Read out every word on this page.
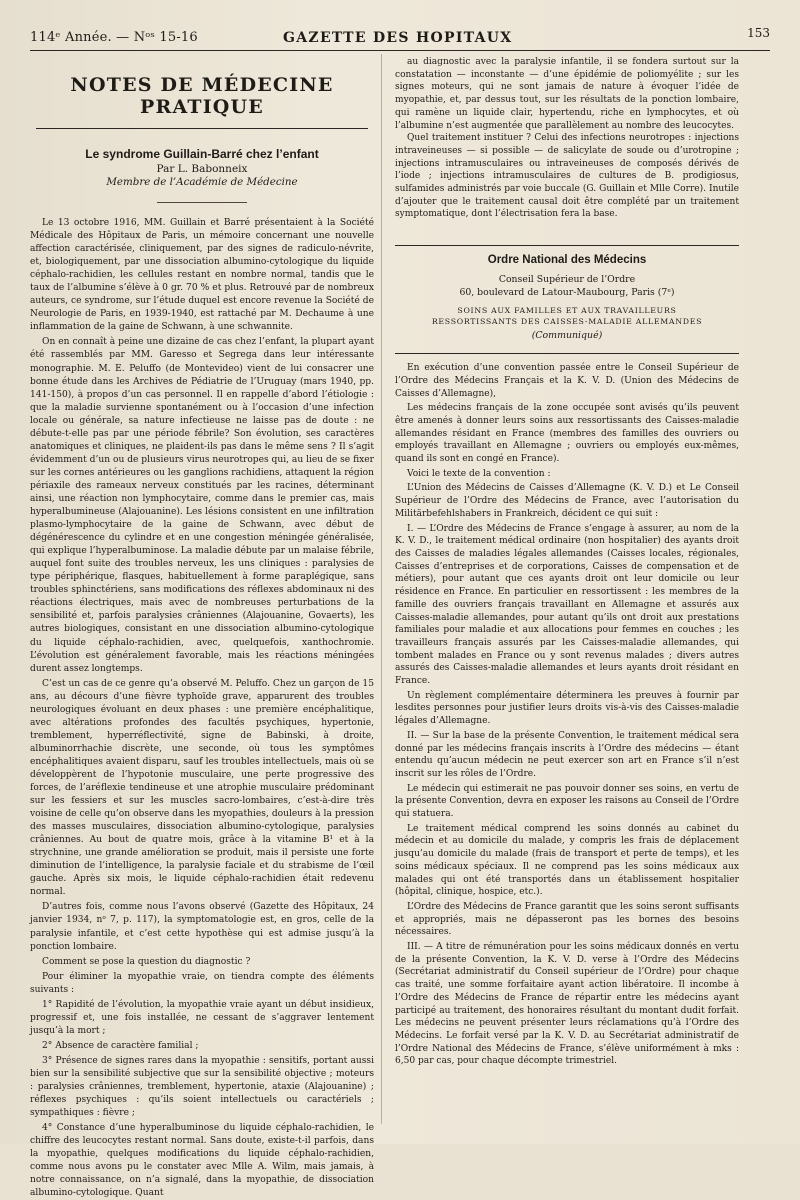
114ᵉ Année. — Nᵒˢ 15-16	GAZETTE DES HOPITAUX	153
NOTES DE MÉDECINE PRATIQUE
Le syndrome Guillain-Barré chez l’enfant
Par L. Babonneix
Membre de l’Académie de Médecine

Le 13 octobre 1916, MM. Guillain et Barré présentaient à la Société Médicale des Hôpitaux de Paris, un mémoire concernant une nouvelle affection caractérisée, cliniquement, par des signes de radiculo-névrite, et, biologiquement, par une dissociation albumino-cytologique du liquide céphalo-rachidien, les cellules restant en nombre normal, tandis que le taux de l’albumine s’élève à 0 gr. 70 % et plus. Retrouvé par de nombreux auteurs, ce syndrome, sur l’étude duquel est encore revenue la Société de Neurologie de Paris, en 1939-1940, est rattaché par M. Dechaume à une inflammation de la gaine de Schwann, à une schwannite.

On en connaît à peine une dizaine de cas chez l’enfant, la plupart ayant été rassemblés par MM. Garesso et Segrega dans leur intéressante monographie. M. E. Peluffo (de Montevideo) vient de lui consacrer une bonne étude dans les Archives de Pédiatrie de l’Uruguay (mars 1940, pp. 141-150), à propos d’un cas personnel. Il en rappelle d’abord l’étiologie : que la maladie survienne spontanément ou à l’occasion d’une infection locale ou générale, sa nature infectieuse ne laisse pas de doute : ne débute-t-elle pas par une période fébrile? Son évolution, ses caractères anatomiques et cliniques, ne plaident-ils pas dans le même sens ? Il s’agit évidemment d’un ou de plusieurs virus neurotropes qui, au lieu de se fixer sur les cornes antérieures ou les ganglions rachidiens, attaquent la région périaxile des rameaux nerveux constitués par les racines, déterminant ainsi, une réaction non lymphocytaire, comme dans le premier cas, mais hyperalbumineuse (Alajouanine). Les lésions consistent en une infiltration plasmo-lymphocytaire de la gaine de Schwann, avec début de dégénérescence du cylindre et en une congestion méningée généralisée, qui explique l’hyperalbuminose. La maladie débute par un malaise fébrile, auquel font suite des troubles nerveux, les uns cliniques : paralysies de type périphérique, flasques, habituellement à forme paraplégique, sans troubles sphinctériens, sans modifications des réflexes abdominaux ni des réactions électriques, mais avec de nombreuses perturbations de la sensibilité et, parfois paralysies crâniennes (Alajouanine, Govaerts), les autres biologiques, consistant en une dissociation albumino-cytologique du liquide céphalo-rachidien, avec, quelquefois, xanthochromie. L’évolution est généralement favorable, mais les réactions méningées durent assez longtemps.

C’est un cas de ce genre qu’a observé M. Peluffo. Chez un garçon de 15 ans, au décours d’une fièvre typhoïde grave, apparurent des troubles neurologiques évoluant en deux phases : une première encéphalitique, avec altérations profondes des facultés psychiques, hypertonie, tremblement, hyperréflectivité, signe de Babinski, à droite, albuminorrhachie discrète, une seconde, où tous les symptômes encéphalitiques avaient disparu, sauf les troubles intellectuels, mais où se développèrent de l’hypotonie musculaire, une perte progressive des forces, de l’aréflexie tendineuse et une atrophie musculaire prédominant sur les fessiers et sur les muscles sacro-lombaires, c’est-à-dire très voisine de celle qu’on observe dans les myopathies, douleurs à la pression des masses musculaires, dissociation albumino-cytologique, paralysies crâniennes. Au bout de quatre mois, grâce à la vitamine B¹ et à la strychnine, une grande amélioration se produit, mais il persiste une forte diminution de l’intelligence, la paralysie faciale et du strabisme de l’œil gauche. Après six mois, le liquide céphalo-rachidien était redevenu normal.

D’autres fois, comme nous l’avons observé (Gazette des Hôpitaux, 24 janvier 1934, nᵒ 7, p. 117), la symptomatologie est, en gros, celle de la paralysie infantile, et c’est cette hypothèse qui est admise jusqu’à la ponction lombaire.

Comment se pose la question du diagnostic ?

Pour éliminer la myopathie vraie, on tiendra compte des éléments suivants :

1° Rapidité de l’évolution, la myopathie vraie ayant un début insidieux, progressif et, une fois installée, ne cessant de s’aggraver lentement jusqu’à la mort ;

2° Absence de caractère familial ;

3° Présence de signes rares dans la myopathie : sensitifs, portant aussi bien sur la sensibilité subjective que sur la sensibilité objective ; moteurs : paralysies crâniennes, tremblement, hypertonie, ataxie (Alajouanine) ; réflexes psychiques : qu’ils soient intellectuels ou caractériels ; sympathiques : fièvre ;

4° Constance d’une hyperalbuminose du liquide céphalo-rachidien, le chiffre des leucocytes restant normal. Sans doute, existe-t-il parfois, dans la myopathie, quelques modifications du liquide céphalo-rachidien, comme nous avons pu le constater avec Mlle A. Wilm, mais jamais, à notre connaissance, on n’a signalé, dans la myopathie, de dissociation albumino-cytologique. Quant

au diagnostic avec la paralysie infantile, il se fondera surtout sur la constatation — inconstante — d’une épidémie de poliomyélite ; sur les signes moteurs, qui ne sont jamais de nature à évoquer l’idée de myopathie, et, par dessus tout, sur les résultats de la ponction lombaire, qui ramène un liquide clair, hypertendu, riche en lymphocytes, et où l’albumine n’est augmentée que parallèlement au nombre des leucocytes.

Quel traitement instituer ? Celui des infections neurotropes : injections intraveineuses — si possible — de salicylate de soude ou d’urotropine ; injections intramusculaires ou intraveineuses de composés dérivés de l’iode ; injections intramusculaires de cultures de B. prodigiosus, sulfamides administrés par voie buccale (G. Guillain et Mlle Corre). Inutile d’ajouter que le traitement causal doit être complété par un traitement symptomatique, dont l’électrisation fera la base.

Ordre National des Médecins
Conseil Supérieur de l’Ordre
60, boulevard de Latour-Maubourg, Paris (7ᵉ)
SOINS AUX FAMILLES ET AUX TRAVAILLEURS
RESSORTISSANTS DES CAISSES-MALADIE ALLEMANDES
(Communiqué)

En exécution d’une convention passée entre le Conseil Supérieur de l’Ordre des Médecins Français et la K. V. D. (Union des Médecins de Caisses d’Allemagne),

Les médecins français de la zone occupée sont avisés qu’ils peuvent être amenés à donner leurs soins aux ressortissants des Caisses-maladie allemandes résidant en France (membres des familles des ouvriers ou employés travaillant en Allemagne ; ouvriers ou employés eux-mêmes, quand ils sont en congé en France).

Voici le texte de la convention :

L’Union des Médecins de Caisses d’Allemagne (K. V. D.) et Le Conseil Supérieur de l’Ordre des Médecins de France, avec l’autorisation du Militärbefehlshabers in Frankreich, décident ce qui suit :

I. — L’Ordre des Médecins de France s’engage à assurer, au nom de la K. V. D., le traitement médical ordinaire (non hospitalier) des ayants droit des Caisses de maladies légales allemandes (Caisses locales, régionales, Caisses d’entreprises et de corporations, Caisses de compensation et de métiers), pour autant que ces ayants droit ont leur domicile ou leur résidence en France. En particulier en ressortissent : les membres de la famille des ouvriers français travaillant en Allemagne et assurés aux Caisses-maladie allemandes, pour autant qu’ils ont droit aux prestations familiales pour maladie et aux allocations pour femmes en couches ; les travailleurs français assurés par les Caisses-maladie allemandes, qui tombent malades en France ou y sont revenus malades ; divers autres assurés des Caisses-maladie allemandes et leurs ayants droit résidant en France.

Un règlement complémentaire déterminera les preuves à fournir par lesdites personnes pour justifier leurs droits vis-à-vis des Caisses-maladie légales d’Allemagne.

II. — Sur la base de la présente Convention, le traitement médical sera donné par les médecins français inscrits à l’Ordre des médecins — étant entendu qu’aucun médecin ne peut exercer son art en France s’il n’est inscrit sur les rôles de l’Ordre.

Le médecin qui estimerait ne pas pouvoir donner ses soins, en vertu de la présente Convention, devra en exposer les raisons au Conseil de l’Ordre qui statuera.

Le traitement médical comprend les soins donnés au cabinet du médecin et au domicile du malade, y compris les frais de déplacement jusqu’au domicile du malade (frais de transport et perte de temps), et les soins médicaux spéciaux. Il ne comprend pas les soins médicaux aux malades qui ont été transportés dans un établissement hospitalier (hôpital, clinique, hospice, etc.).

L’Ordre des Médecins de France garantit que les soins seront suffisants et appropriés, mais ne dépasseront pas les bornes des besoins nécessaires.

III. — A titre de rémunération pour les soins médicaux donnés en vertu de la présente Convention, la K. V. D. verse à l’Ordre des Médecins (Secrétariat administratif du Conseil supérieur de l’Ordre) pour chaque cas traité, une somme forfaitaire ayant action libératoire. Il incombe à l’Ordre des Médecins de France de répartir entre les médecins ayant participé au traitement, des honoraires résultant du montant dudit forfait. Les médecins ne peuvent présenter leurs réclamations qu’à l’Ordre des Médecins. Le forfait versé par la K. V. D. au Secrétariat administratif de l’Ordre National des Médecins de France, s’élève uniformément à mks : 6,50 par cas, pour chaque décompte trimestriel.
